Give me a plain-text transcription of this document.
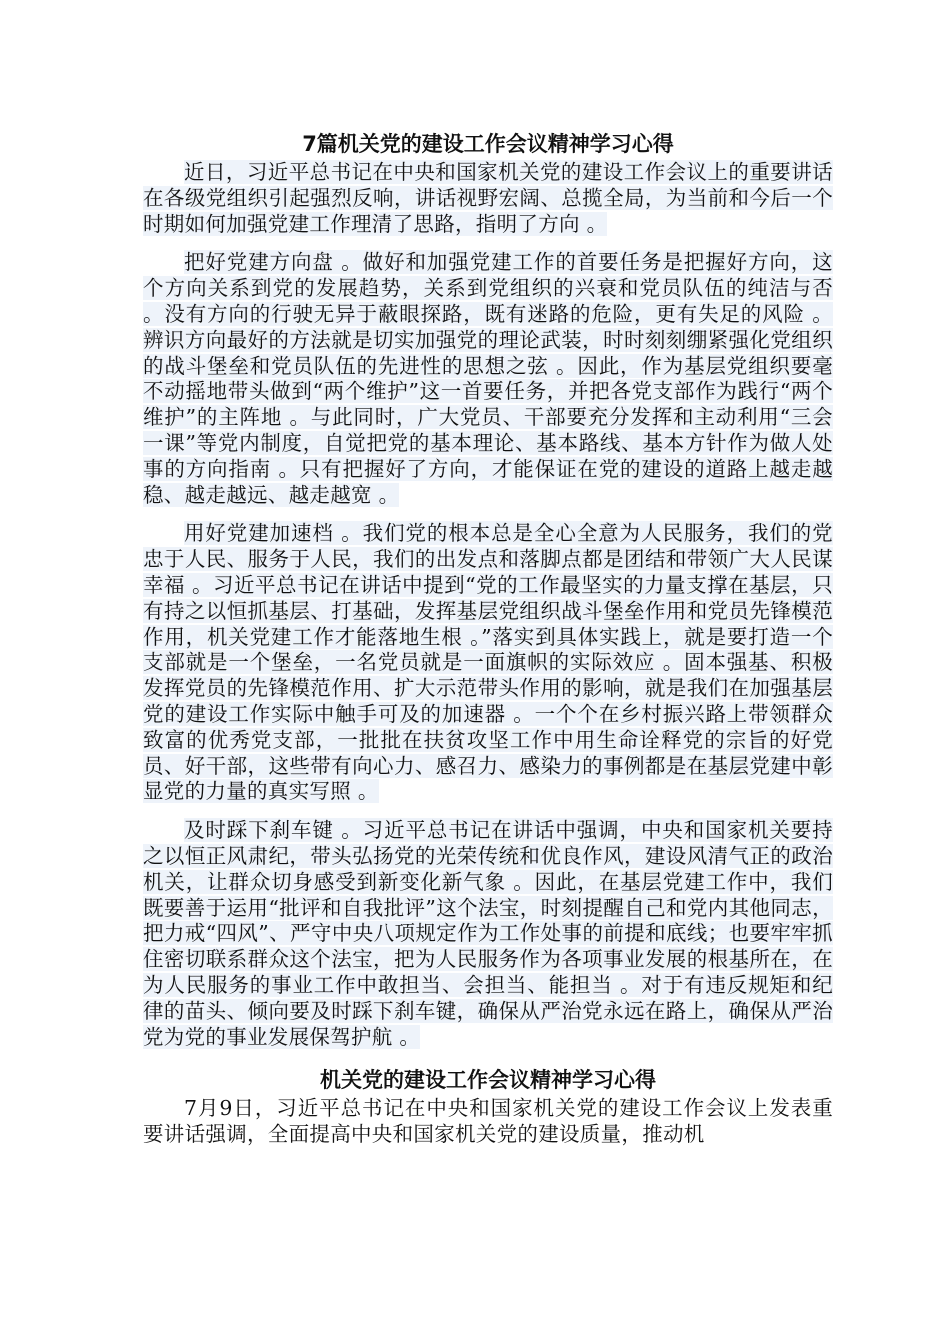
7篇机关党的建设工作会议精神学习心得

近日，习近平总书记在中央和国家机关党的建设工作会议上的重要讲话在各级党组织引起强烈反响，讲话视野宏阔、总揽全局，为当前和今后一个时期如何加强党建工作理清了思路，指明了方向 。

把好党建方向盘 。做好和加强党建工作的首要任务是把握好方向，这个方向关系到党的发展趋势，关系到党组织的兴衰和党员队伍的纯洁与否 。没有方向的行驶无异于蔽眼探路，既有迷路的危险，更有失足的风险 。辨识方向最好的方法就是切实加强党的理论武装，时时刻刻绷紧强化党组织的战斗堡垒和党员队伍的先进性的思想之弦 。因此，作为基层党组织要毫不动摇地带头做到“两个维护”这一首要任务，并把各党支部作为践行“两个维护”的主阵地 。与此同时，广大党员、干部要充分发挥和主动利用“三会一课”等党内制度，自觉把党的基本理论、基本路线、基本方针作为做人处事的方向指南 。只有把握好了方向，才能保证在党的建设的道路上越走越稳、越走越远、越走越宽 。

用好党建加速档 。我们党的根本总是全心全意为人民服务，我们的党忠于人民、服务于人民，我们的出发点和落脚点都是团结和带领广大人民谋幸福 。习近平总书记在讲话中提到“党的工作最坚实的力量支撑在基层，只有持之以恒抓基层、打基础，发挥基层党组织战斗堡垒作用和党员先锋模范作用，机关党建工作才能落地生根 。”落实到具体实践上，就是要打造一个支部就是一个堡垒，一名党员就是一面旗帜的实际效应 。固本强基、积极发挥党员的先锋模范作用、扩大示范带头作用的影响，就是我们在加强基层党的建设工作实际中触手可及的加速器 。一个个在乡村振兴路上带领群众致富的优秀党支部，一批批在扶贫攻坚工作中用生命诠释党的宗旨的好党员、好干部，这些带有向心力、感召力、感染力的事例都是在基层党建中彰显党的力量的真实写照 。

及时踩下刹车键 。习近平总书记在讲话中强调，中央和国家机关要持之以恒正风肃纪，带头弘扬党的光荣传统和优良作风，建设风清气正的政治机关，让群众切身感受到新变化新气象 。因此，在基层党建工作中，我们既要善于运用“批评和自我批评”这个法宝，时刻提醒自己和党内其他同志，把力戒“四风”、严守中央八项规定作为工作处事的前提和底线；也要牢牢抓住密切联系群众这个法宝，把为人民服务作为各项事业发展的根基所在，在为人民服务的事业工作中敢担当、会担当、能担当 。对于有违反规矩和纪律的苗头、倾向要及时踩下刹车键，确保从严治党永远在路上，确保从严治党为党的事业发展保驾护航 。

机关党的建设工作会议精神学习心得

7月9日，习近平总书记在中央和国家机关党的建设工作会议上发表重要讲话强调，全面提高中央和国家机关党的建设质量，推动机
